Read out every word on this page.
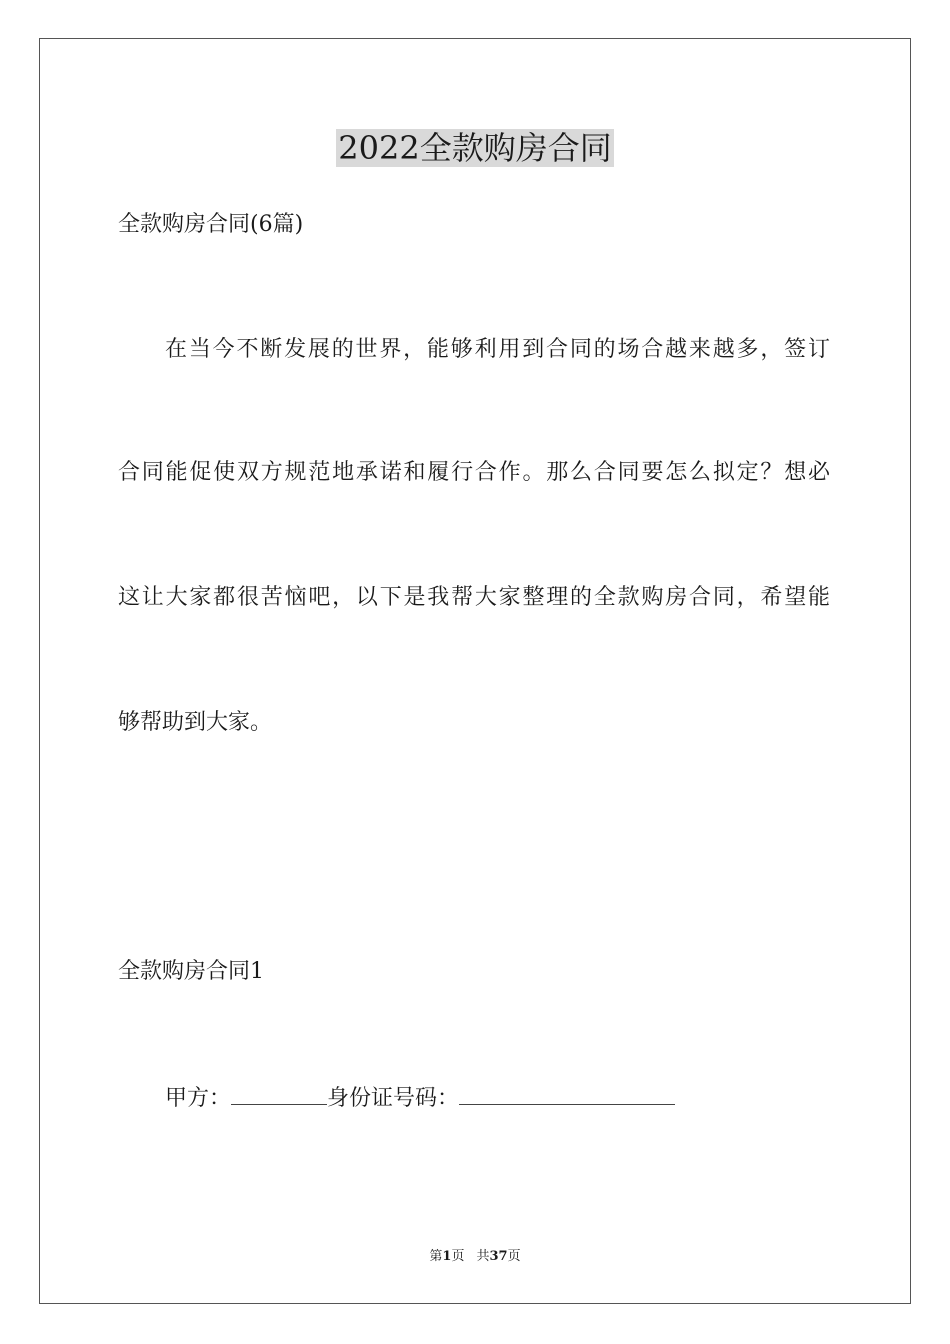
2022全款购房合同
全款购房合同(6篇)
在当今不断发展的世界，能够利用到合同的场合越来越多，签订
合同能促使双方规范地承诺和履行合作。那么合同要怎么拟定？想必
这让大家都很苦恼吧，以下是我帮大家整理的全款购房合同，希望能
够帮助到大家。
全款购房合同1
甲方：	身份证号码：
第1页 共37页
